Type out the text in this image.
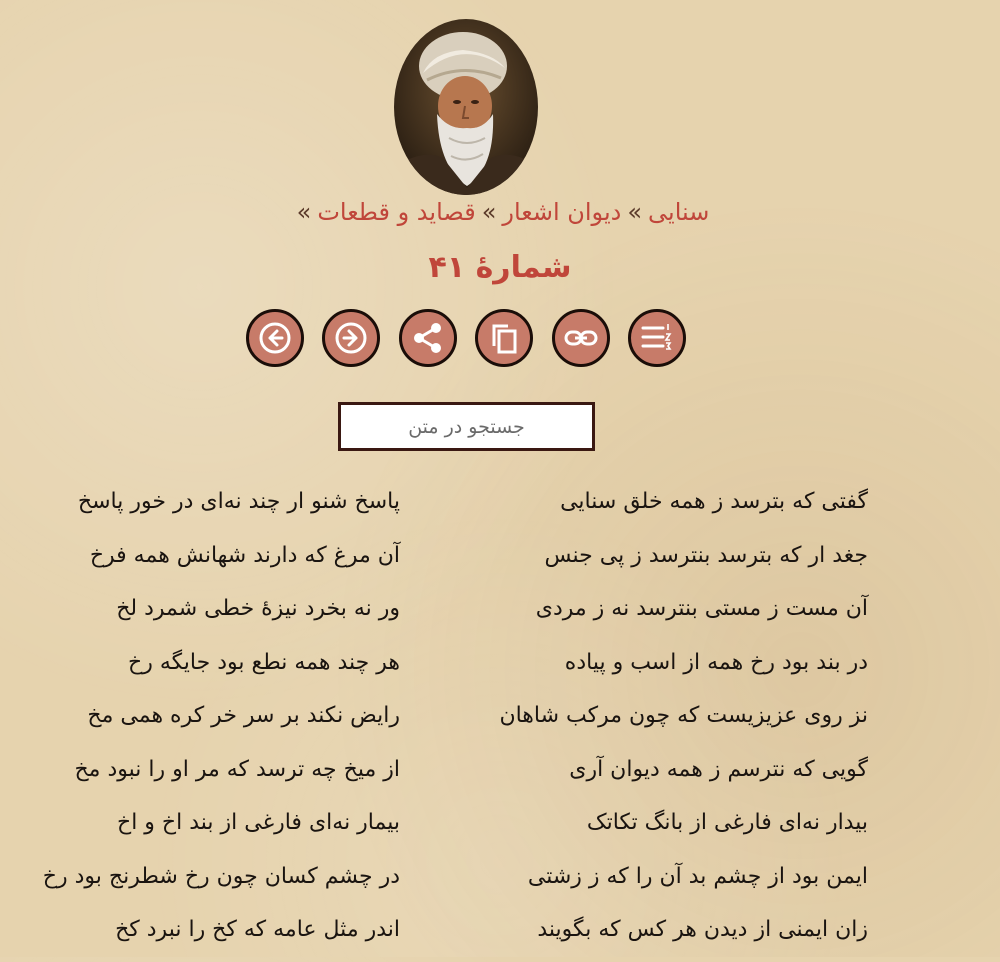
سنایی»دیوان اشعار»قصاید و قطعات»
شمارهٔ ۴۱
جستجو در متن
گفتی که بترسد ز همه خلق سنایی
پاسخ شنو ار چند نه‌ای در خور پاسخ
جغد ار که بترسد بنترسد ز پی جنس
آن مرغ که دارند شهانش همه فرخ
آن مست ز مستی بنترسد نه ز مردی
ور نه بخرد نیزهٔ خطی شمرد لخ
در بند بود رخ همه از اسب و پیاده
هر چند همه نطع بود جایگه رخ
نز روی عزیزیست که چون مرکب شاهان
رایض نکند بر سر خر کره همی مخ
گویی که نترسم ز همه دیوان آری
از میخ چه ترسد که مر او را نبود مخ
بیدار نه‌ای فارغی از بانگ تکاتک
بیمار نه‌ای فارغی از بند اخ و اخ
ایمن بود از چشم بد آن را که ز زشتی
در چشم کسان چون رخ شطرنج بود رخ
زان ایمنی از دیدن هر کس که بگویند
اندر مثل عامه که کخ را نبرد کخ
